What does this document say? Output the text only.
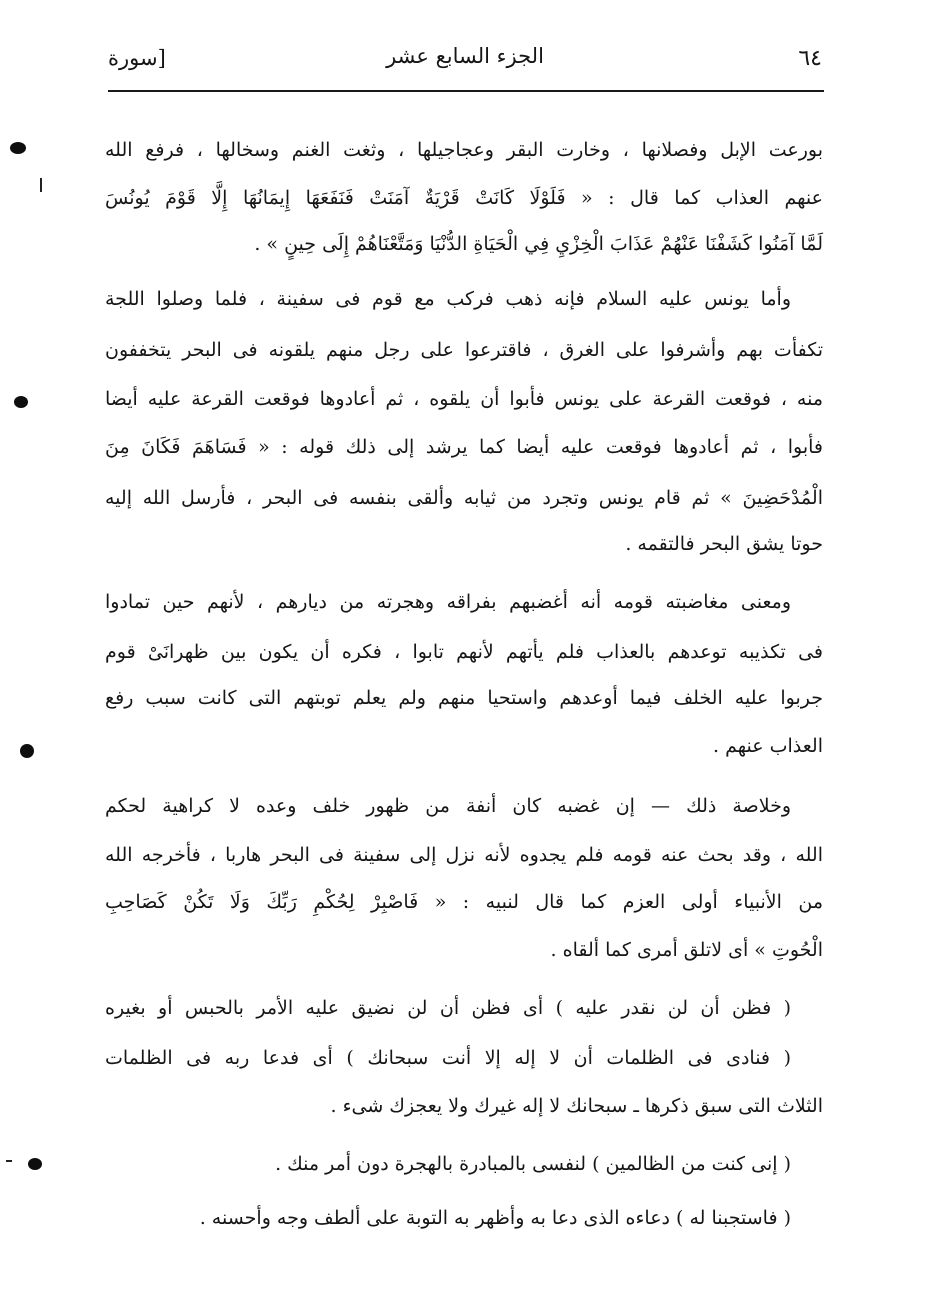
٦٤
الجزء السابع عشر
[سورة
بورعت الإبل وفصلانها ، وخارت البقر وعجاجيلها ، وثغت الغنم وسخالها ، فرفع الله
عنهم العذاب كما قال : « فَلَوْلَا كَانَتْ قَرْيَةٌ آمَنَتْ فَنَفَعَهَا إِيمَانُهَا إِلَّا قَوْمَ يُونُسَ
لَمَّا آمَنُوا كَشَفْنَا عَنْهُمْ عَذَابَ الْخِزْيِ فِي الْحَيَاةِ الدُّنْيَا وَمَتَّعْنَاهُمْ إِلَى حِينٍ » .
وأما يونس عليه السلام فإنه ذهب فركب مع قوم فى سفينة ، فلما وصلوا اللجة
تكفأت بهم وأشرفوا على الغرق ، فاقترعوا على رجل منهم يلقونه فى البحر يتخففون
منه ، فوقعت القرعة على يونس فأبوا أن يلقوه ، ثم أعادوها فوقعت القرعة عليه أيضا
فأبوا ، ثم أعادوها فوقعت عليه أيضا كما يرشد إلى ذلك قوله : « فَسَاهَمَ فَكَانَ مِنَ
الْمُدْحَضِينَ » ثم قام يونس وتجرد من ثيابه وألقى بنفسه فى البحر ، فأرسل الله إليه
حوتا يشق البحر فالتقمه .
ومعنى مغاضبته قومه أنه أغضبهم بفراقه وهجرته من ديارهم ، لأنهم حين تمادوا
فى تكذيبه توعدهم بالعذاب فلم يأتهم لأنهم تابوا ، فكره أن يكون بين ظهرانَىْ قوم
جربوا عليه الخلف فيما أوعدهم واستحيا منهم ولم يعلم توبتهم التى كانت سبب رفع
العذاب عنهم .
وخلاصة ذلك — إن غضبه كان أنفة من ظهور خلف وعده لا كراهية لحكم
الله ، وقد بحث عنه قومه فلم يجدوه لأنه نزل إلى سفينة فى البحر هاربا ، فأخرجه الله
من الأنبياء أولى العزم كما قال لنبيه : « فَاصْبِرْ لِحُكْمِ رَبِّكَ وَلَا تَكُنْ كَصَاحِبِ
الْحُوتِ » أى لاتلق أمرى كما ألقاه .
( فظن أن لن نقدر عليه ) أى فظن أن لن نضيق عليه الأمر بالحبس أو بغيره
( فنادى فى الظلمات أن لا إله إلا أنت سبحانك ) أى فدعا ربه فى الظلمات
الثلاث التى سبق ذكرها ـ سبحانك لا إله غيرك ولا يعجزك شىء .
( إنى كنت من الظالمين ) لنفسى بالمبادرة بالهجرة دون أمر منك .
( فاستجبنا له ) دعاءه الذى دعا به وأظهر به التوبة على ألطف وجه وأحسنه .
